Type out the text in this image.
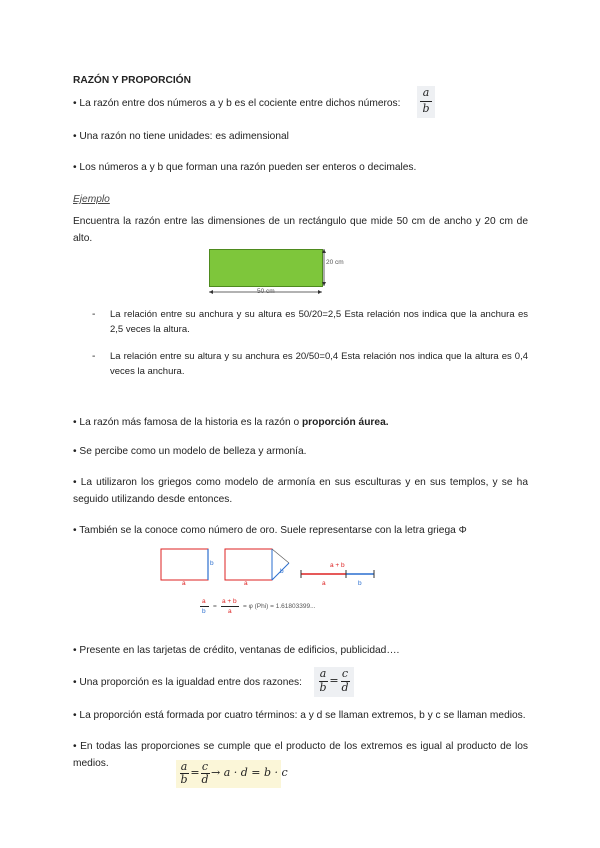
RAZÓN Y PROPORCIÓN
• La razón entre dos números a y b es el cociente entre dichos números:
a
b
• Una razón no tiene unidades: es adimensional
• Los números a y b que forman una razón pueden ser enteros o decimales.
Ejemplo
Encuentra la razón entre las dimensiones de un rectángulo que mide 50 cm de ancho y 20 cm de alto.
20 cm
50 cm
- La relación entre su anchura y su altura es 50/20=2,5 Esta relación nos indica que la anchura es 2,5 veces la altura.
- La relación entre su altura y su anchura es 20/50=0,4 Esta relación nos indica que la altura es 0,4 veces la anchura.
• La razón más famosa de la historia es la razón o proporción áurea.
• Se percibe como un modelo de belleza y armonía.
• La utilizaron los griegos como modelo de armonía en sus esculturas y en sus templos, y se ha seguido utilizando desde entonces.
• También se la conoce como número de oro. Suele representarse con la letra griega Φ
a
b
a
b
a + b
a	b
a
b
=
a + b
a
= φ (Phi) = 1.61803399...
• Presente en las tarjetas de crédito, ventanas de edificios, publicidad….
• Una proporción es la igualdad entre dos razones:
a
b
=
c
d
• La proporción está formada por cuatro términos: a y d se llaman extremos, b y c se llaman medios.
• En todas las proporciones se cumple que el producto de los extremos es igual al producto de los medios.	a
b
= c
d
→ a · d = b · c
